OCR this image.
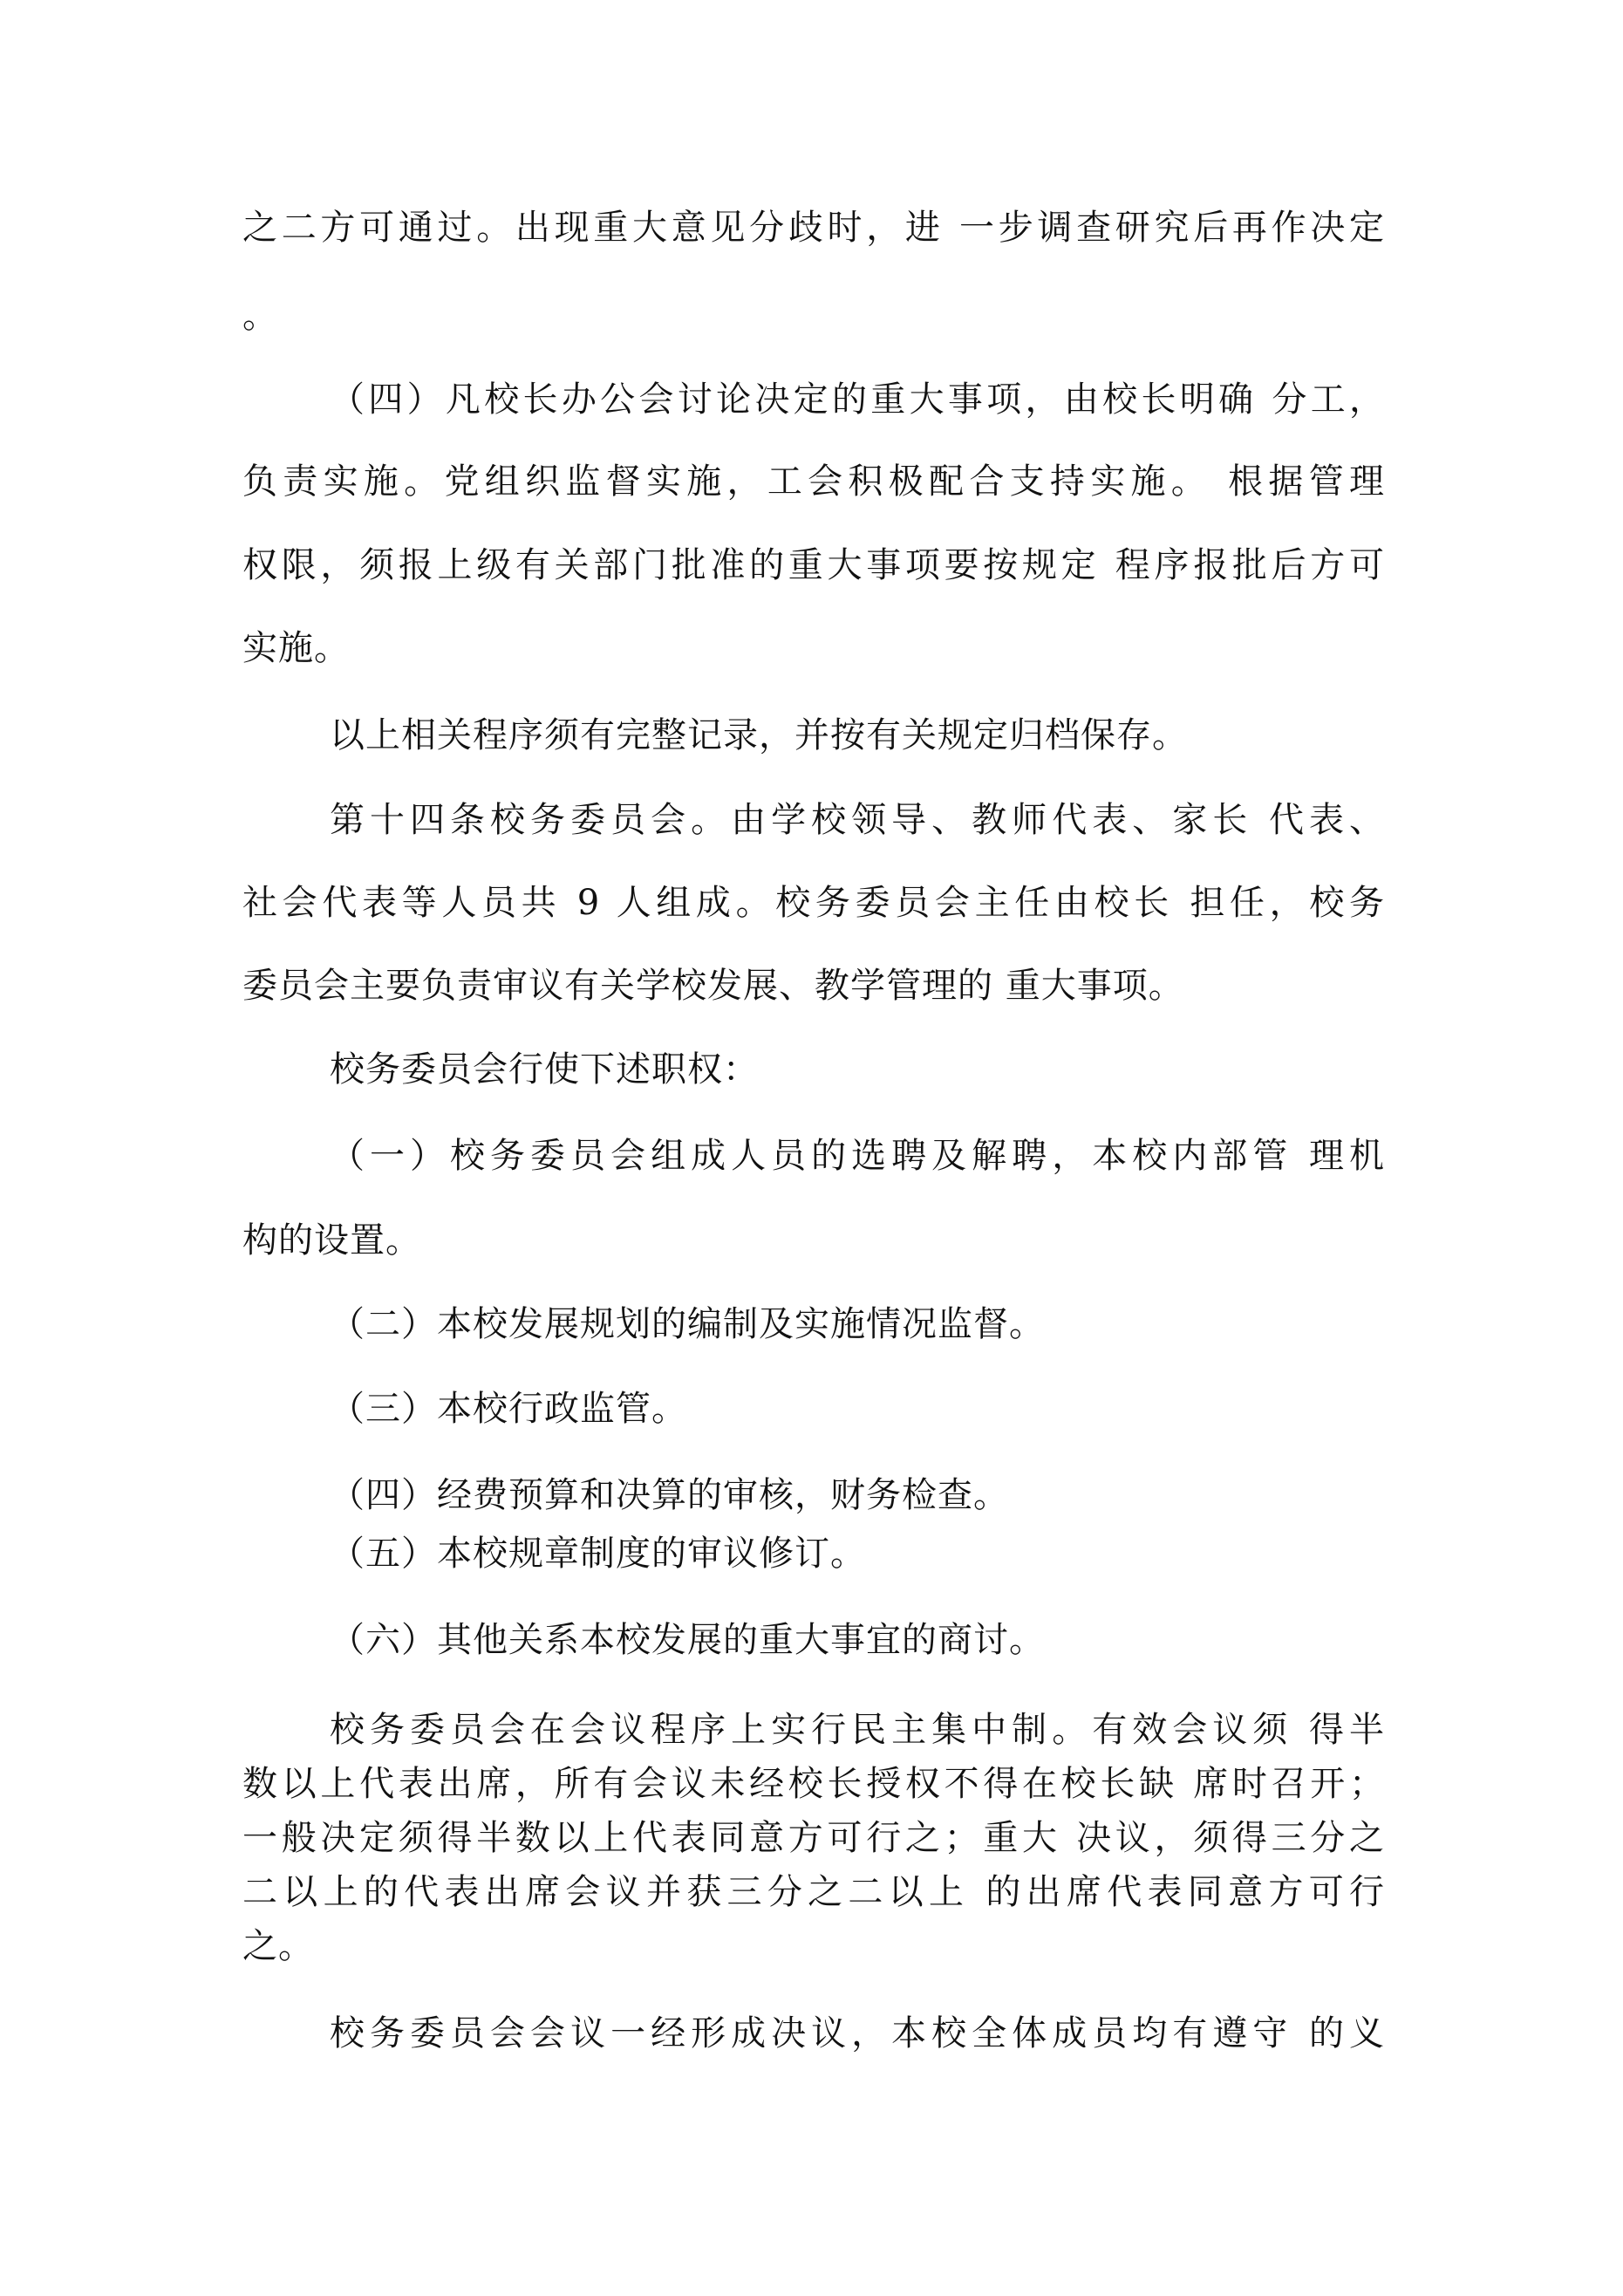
之二方可通过。出现重大意见分歧时，进 一步调查研究后再作决定
。
（四）凡校长办公会讨论决定的重大事项，由校长明确 分工，
负责实施。党组织监督实施，工会积极配合支持实施。 根据管理
权限，须报上级有关部门批准的重大事项要按规定 程序报批后方可
实施。
以上相关程序须有完整记录，并按有关规定归档保存。
第十四条校务委员会。由学校领导、教师代表、家长 代表、
社会代表等人员共 9 人组成。校务委员会主任由校长 担任，校务
委员会主要负责审议有关学校发展、教学管理的 重大事项。
校务委员会行使下述职权：
（一）校务委员会组成人员的选聘及解聘，本校内部管 理机
构的设置。
（二）本校发展规划的编制及实施情况监督。
（三）本校行政监管。
（四）经费预算和决算的审核，财务检查。
（五）本校规章制度的审议修订。
（六）其他关系本校发展的重大事宜的商讨。
校务委员会在会议程序上实行民主集中制。有效会议须 得半
数以上代表出席，所有会议未经校长授权不得在校长缺 席时召开；
一般决定须得半数以上代表同意方可行之；重大 决议，须得三分之
二以上的代表出席会议并获三分之二以上 的出席代表同意方可行
之。
校务委员会会议一经形成决议，本校全体成员均有遵守 的义
